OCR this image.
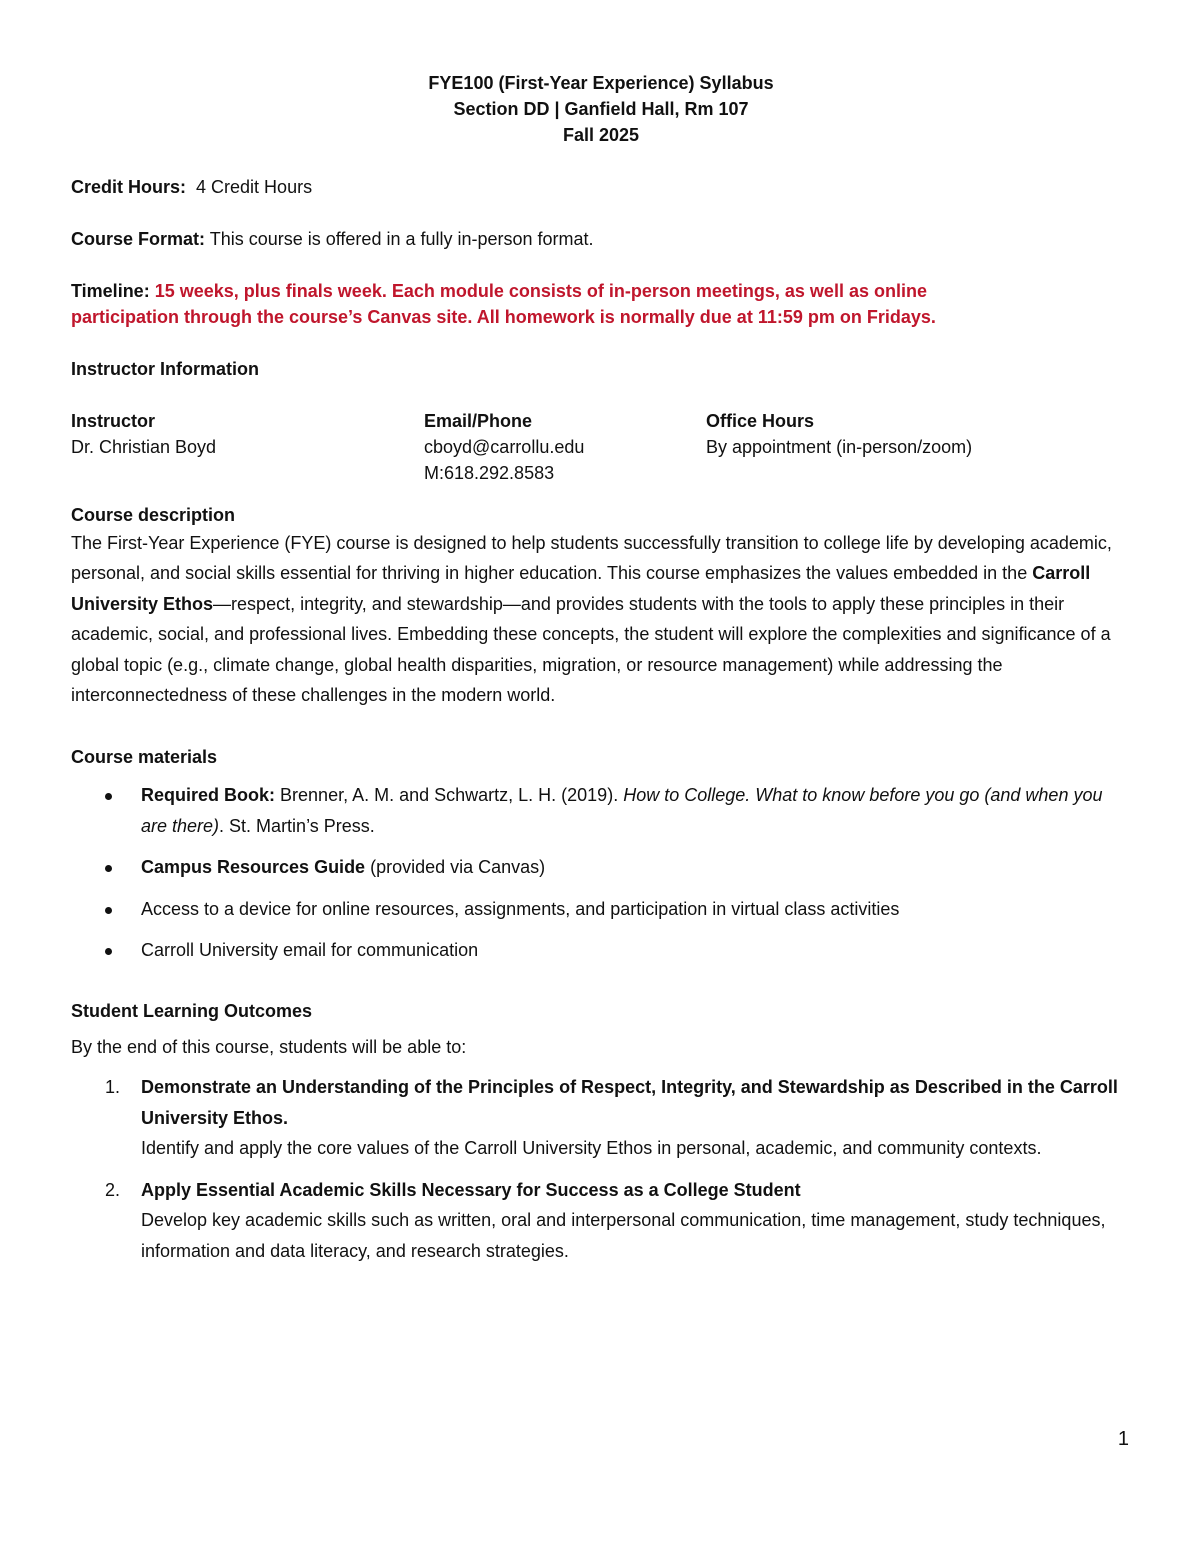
FYE100 (First-Year Experience) Syllabus
Section DD | Ganfield Hall, Rm 107
Fall 2025

Credit Hours: 4 Credit Hours

Course Format: This course is offered in a fully in-person format.

Timeline: 15 weeks, plus finals week. Each module consists of in-person meetings, as well as online

participation through the course’s Canvas site. All homework is normally due at 11:59 pm on Fridays.

Instructor Information

Instructor
Dr. Christian Boyd
Email/Phone
cboyd@carrollu.edu
M:618.292.8583
Office Hours
By appointment (in-person/zoom)

Course description

The First-Year Experience (FYE) course is designed to help students successfully transition to college life by developing academic, personal, and social skills essential for thriving in higher education. This course emphasizes the values embedded in the Carroll University Ethos—respect, integrity, and stewardship—and provides students with the tools to apply these principles in their academic, social, and professional lives. Embedding these concepts, the student will explore the complexities and significance of a global topic (e.g., climate change, global health disparities, migration, or resource management) while addressing the interconnectedness of these challenges in the modern world.

Course materials

Required Book: Brenner, A. M. and Schwartz, L. H. (2019). How to College. What to know before you go (and when you are there). St. Martin’s Press.
Campus Resources Guide (provided via Canvas)
Access to a device for online resources, assignments, and participation in virtual class activities
Carroll University email for communication

Student Learning Outcomes

By the end of this course, students will be able to:

1. Demonstrate an Understanding of the Principles of Respect, Integrity, and Stewardship as Described in the Carroll University Ethos.
Identify and apply the core values of the Carroll University Ethos in personal, academic, and community contexts.
2. Apply Essential Academic Skills Necessary for Success as a College Student
Develop key academic skills such as written, oral and interpersonal communication, time management, study techniques, information and data literacy, and research strategies.
1
